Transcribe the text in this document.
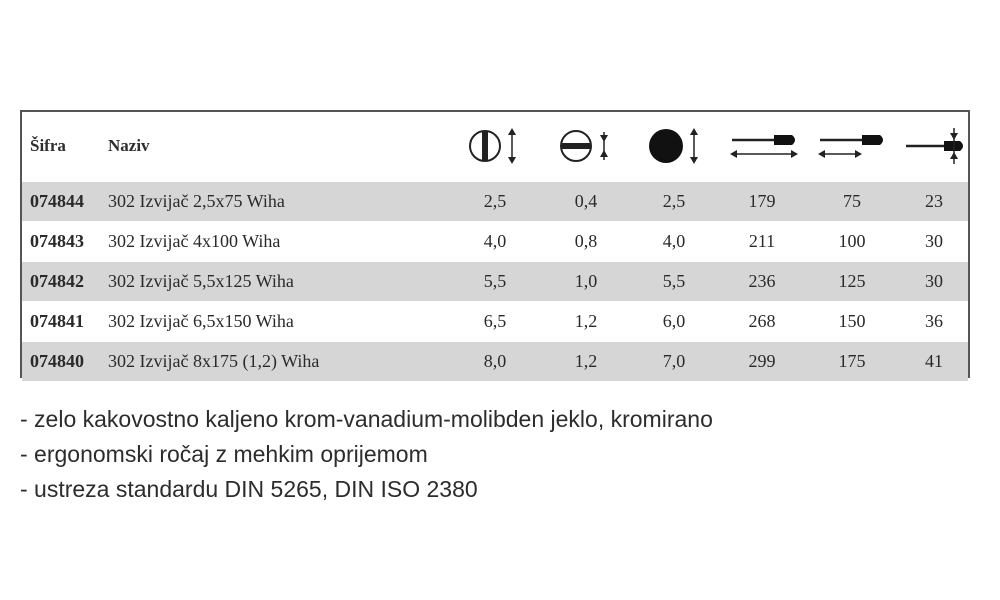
Šifra Naziv
074844 302 Izvijač 2,5x75 Wiha	2,5	0,4	2,5	179	75	23
074843 302 Izvijač 4x100 Wiha	4,0	0,8	4,0	211	100	30
074842 302 Izvijač 5,5x125 Wiha	5,5	1,0	5,5	236	125	30
074841 302 Izvijač 6,5x150 Wiha	6,5	1,2	6,0	268	150	36
074840 302 Izvijač 8x175 (1,2) Wiha	8,0	1,2	7,0	299	175	41
- zelo kakovostno kaljeno krom-vanadium-molibden jeklo, kromirano
- ergonomski ročaj z mehkim oprijemom
- ustreza standardu DIN 5265, DIN ISO 2380
